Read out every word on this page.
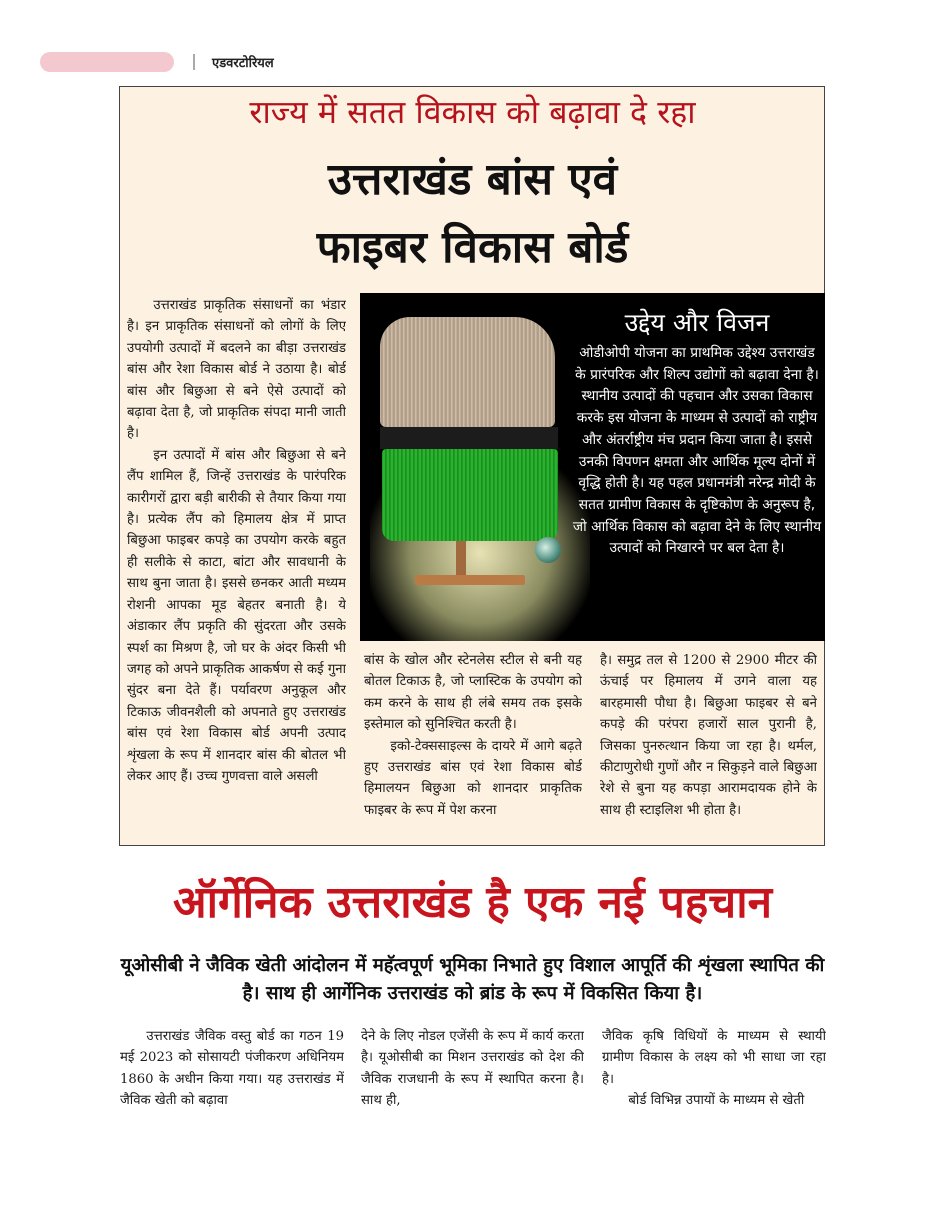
एडवरटोरियल
राज्य में सतत विकास को बढ़ावा दे रहा
उत्तराखंड बांस एवं
फाइबर विकास बोर्ड

उत्तराखंड प्राकृतिक संसाधनों का भंडार है। इन प्राकृतिक संसाधनों को लोगों के लिए उपयोगी उत्पादों में बदलने का बीड़ा उत्तराखंड बांस और रेशा विकास बोर्ड ने उठाया है। बोर्ड बांस और बिछुआ से बने ऐसे उत्पादों को बढ़ावा देता है, जो प्राकृतिक संपदा मानी जाती है।

इन उत्पादों में बांस और बिछुआ से बने लैंप शामिल हैं, जिन्हें उत्तराखंड के पारंपरिक कारीगरों द्वारा बड़ी बारीकी से तैयार किया गया है। प्रत्येक लैंप को हिमालय क्षेत्र में प्राप्त बिछुआ फाइबर कपड़े का उपयोग करके बहुत ही सलीके से काटा, बांटा और सावधानी के साथ बुना जाता है। इससे छनकर आती मध्यम रोशनी आपका मूड बेहतर बनाती है। ये अंडाकार लैंप प्रकृति की सुंदरता और उसके स्पर्श का मिश्रण है, जो घर के अंदर किसी भी जगह को अपने प्राकृतिक आकर्षण से कई गुना सुंदर बना देते हैं। पर्यावरण अनुकूल और टिकाऊ जीवनशैली को अपनाते हुए उत्तराखंड बांस एवं रेशा विकास बोर्ड अपनी उत्पाद शृंखला के रूप में शानदार बांस की बोतल भी लेकर आए हैं। उच्च गुणवत्ता वाले असली

उद्देय और विजन
ओडीओपी योजना का प्राथमिक उद्देश्य उत्तराखंड के प्रारंपरिक और शिल्प उद्योगों को बढ़ावा देना है। स्थानीय उत्पादों की पहचान और उसका विकास करके इस योजना के माध्यम से उत्पादों को राष्ट्रीय और अंतर्राष्ट्रीय मंच प्रदान किया जाता है। इससे उनकी विपणन क्षमता और आर्थिक मूल्य दोनों में वृद्धि होती है। यह पहल प्रधानमंत्री नरेन्द्र मोदी के सतत ग्रामीण विकास के दृष्टिकोण के अनुरूप है, जो आर्थिक विकास को बढ़ावा देने के लिए स्थानीय उत्पादों को निखारने पर बल देता है।

बांस के खोल और स्टेनलेस स्टील से बनी यह बोतल टिकाऊ है, जो प्लास्टिक के उपयोग को कम करने के साथ ही लंबे समय तक इसके इस्तेमाल को सुनिश्चित करती है।

इको-टेक्ससाइल्स के दायरे में आगे बढ़ते हुए उत्तराखंड बांस एवं रेशा विकास बोर्ड हिमालयन बिछुआ को शानदार प्राकृतिक फाइबर के रूप में पेश करना

है। समुद्र तल से 1200 से 2900 मीटर की ऊंचाई पर हिमालय में उगने वाला यह बारहमासी पौधा है। बिछुआ फाइबर से बने कपड़े की परंपरा हजारों साल पुरानी है, जिसका पुनरुत्थान किया जा रहा है। थर्मल, कीटाणुरोधी गुणों और न सिकुड़ने वाले बिछुआ रेशे से बुना यह कपड़ा आरामदायक होने के साथ ही स्टाइलिश भी होता है।

ऑर्गेनिक उत्तराखंड है एक नई पहचान
यूओसीबी ने जैविक खेती आंदोलन में महॅत्वपूर्ण भूमिका निभाते हुए विशाल आपूर्ति की शृंखला स्थापित की है। साथ ही आर्गेनिक उत्तराखंड को ब्रांड के रूप में विकसित किया है।

उत्तराखंड जैविक वस्तु बोर्ड का गठन 19 मई 2023 को सोसायटी पंजीकरण अधिनियम 1860 के अधीन किया गया। यह उत्तराखंड में जैविक खेती को बढ़ावा

देने के लिए नोडल एजेंसी के रूप में कार्य करता है। यूओसीबी का मिशन उत्तराखंड को देश की जैविक राजधानी के रूप में स्थापित करना है। साथ ही,

जैविक कृषि विधियों के माध्यम से स्थायी ग्रामीण विकास के लक्ष्य को भी साधा जा रहा है।

बोर्ड विभिन्न उपायों के माध्यम से खेती
